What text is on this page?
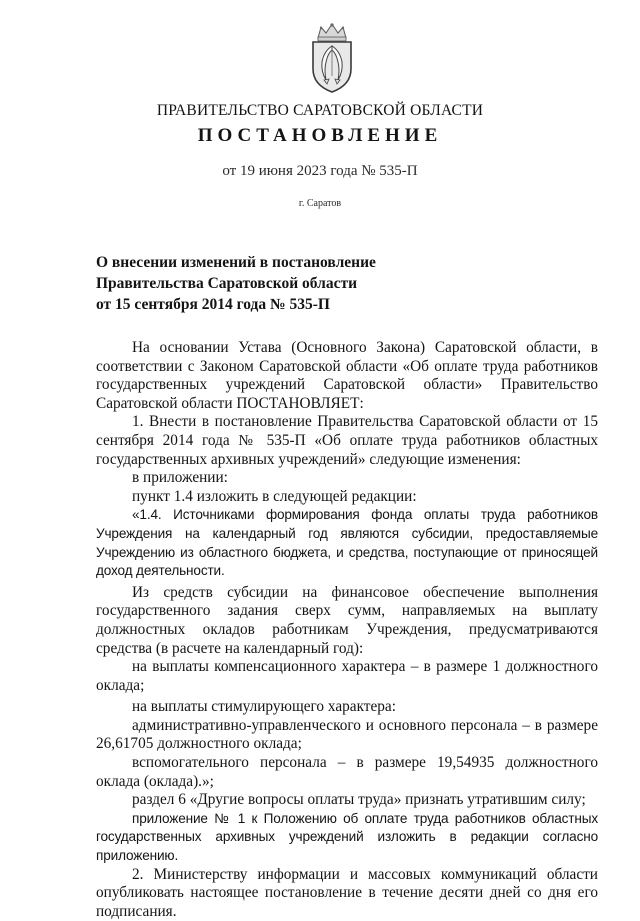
ПРАВИТЕЛЬСТВО САРАТОВСКОЙ ОБЛАСТИ
ПОСТАНОВЛЕНИЕ
от 19 июня 2023 года № 535-П
г. Саратов
О внесении изменений в постановление
Правительства Саратовской области
от 15 сентября 2014 года № 535-П

На основании Устава (Основного Закона) Саратовской области, в соответствии с Законом Саратовской области «Об оплате труда работников государственных учреждений Саратовской области» Правительство Саратовской области ПОСТАНОВЛЯЕТ:

1. Внести в постановление Правительства Саратовской области от 15 сентября 2014 года № 535-П «Об оплате труда работников областных государственных архивных учреждений» следующие изменения:

в приложении:

пункт 1.4 изложить в следующей редакции:

«1.4. Источниками формирования фонда оплаты труда работников Учреждения на календарный год являются субсидии, предоставляемые Учреждению из областного бюджета, и средства, поступающие от приносящей доход деятельности.

Из средств субсидии на финансовое обеспечение выполнения государственного задания сверх сумм, направляемых на выплату должностных окладов работникам Учреждения, предусматриваются средства (в расчете на календарный год):

на выплаты компенсационного характера – в размере 1 должностного оклада;

на выплаты стимулирующего характера:

административно-управленческого и основного персонала – в размере 26,61705 должностного оклада;

вспомогательного персонала – в размере 19,54935 должностного оклада (оклада).»;

раздел 6 «Другие вопросы оплаты труда» признать утратившим силу;

приложение № 1 к Положению об оплате труда работников областных государственных архивных учреждений изложить в редакции согласно приложению.

2. Министерству информации и массовых коммуникаций области опубликовать настоящее постановление в течение десяти дней со дня его подписания.
